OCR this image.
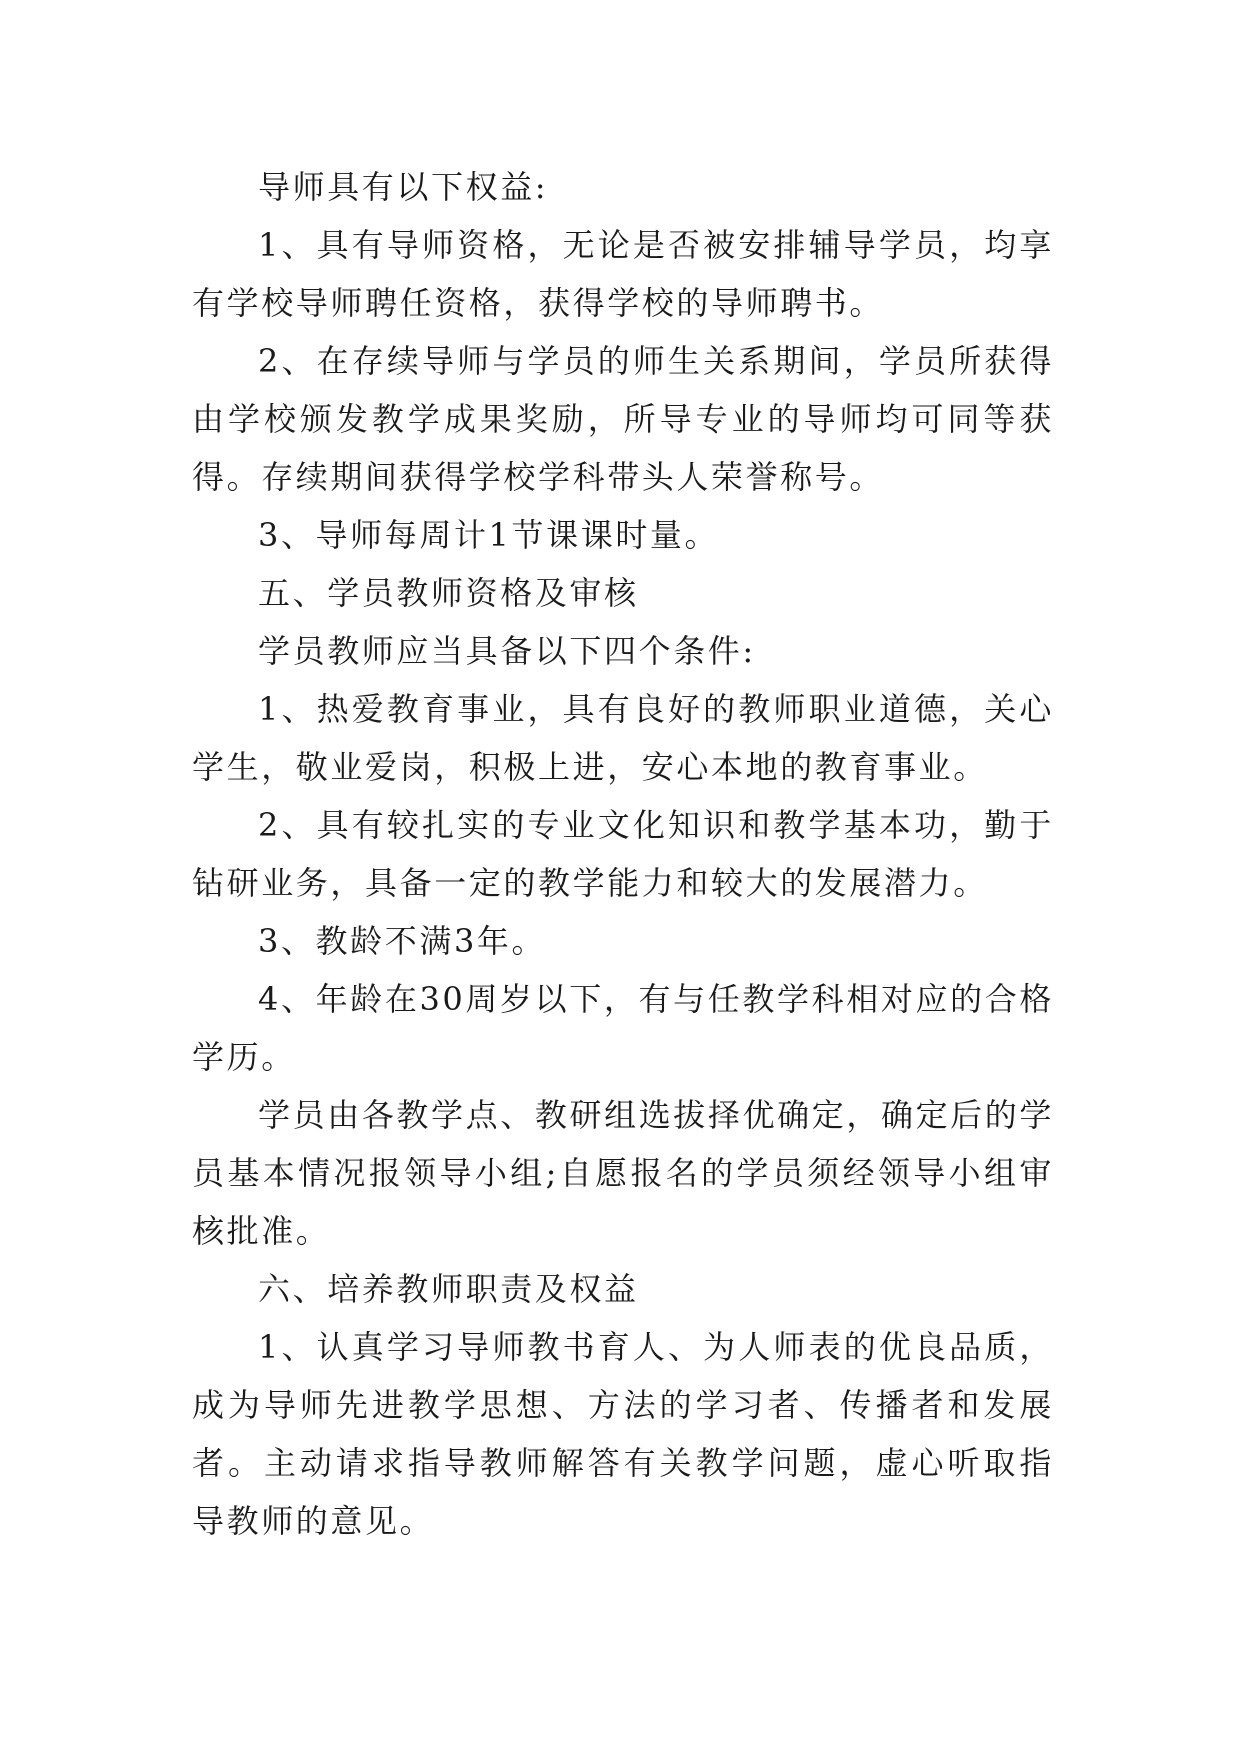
导师具有以下权益:

1、具有导师资格，无论是否被安排辅导学员，均享有学校导师聘任资格，获得学校的导师聘书。

2、在存续导师与学员的师生关系期间，学员所获得由学校颁发教学成果奖励，所导专业的导师均可同等获得。存续期间获得学校学科带头人荣誉称号。

3、导师每周计1节课课时量。

五、学员教师资格及审核

学员教师应当具备以下四个条件:

1、热爱教育事业，具有良好的教师职业道德，关心学生，敬业爱岗，积极上进，安心本地的教育事业。

2、具有较扎实的专业文化知识和教学基本功，勤于钻研业务，具备一定的教学能力和较大的发展潜力。

3、教龄不满3年。

4、年龄在30周岁以下，有与任教学科相对应的合格学历。

学员由各教学点、教研组选拔择优确定，确定后的学员基本情况报领导小组;自愿报名的学员须经领导小组审核批准。

六、培养教师职责及权益

1、认真学习导师教书育人、为人师表的优良品质，成为导师先进教学思想、方法的学习者、传播者和发展者。主动请求指导教师解答有关教学问题，虚心听取指导教师的意见。
